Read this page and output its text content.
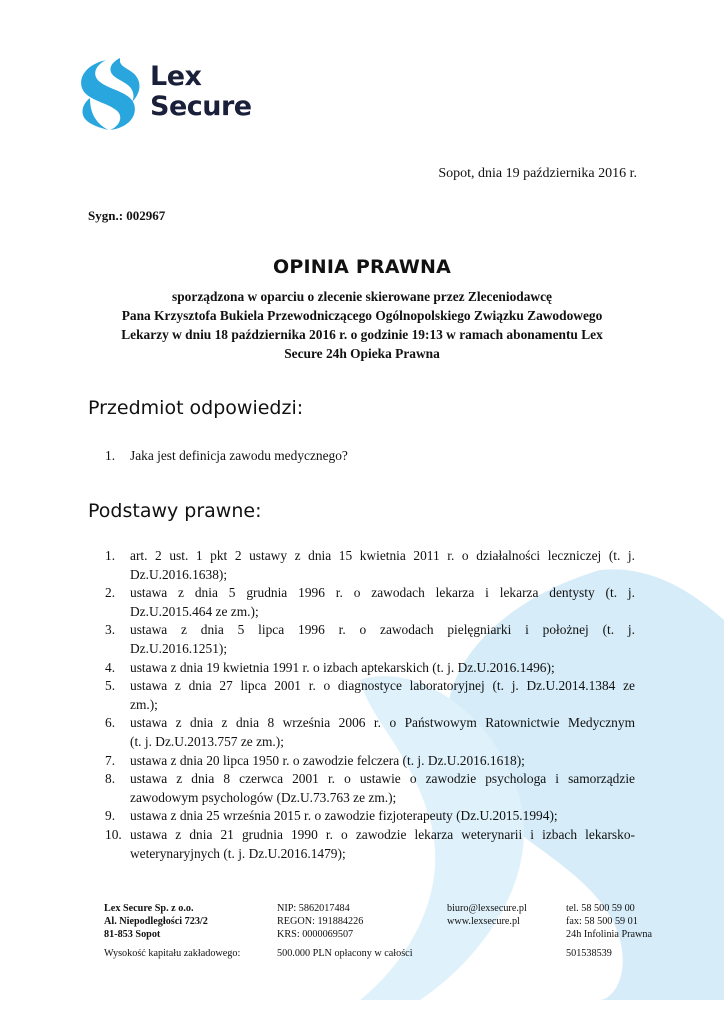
Lex
Secure
Sopot, dnia 19 października 2016 r.
Sygn.: 002967
OPINIA PRAWNA
sporządzona w oparciu o zlecenie skierowane przez Zleceniodawcę
Pana Krzysztofa Bukiela Przewodniczącego Ogólnopolskiego Związku Zawodowego
Lekarzy w dniu 18 października 2016 r. o godzinie 19:13 w ramach abonamentu Lex
Secure 24h Opieka Prawna
Przedmiot odpowiedzi:
1. Jaka jest definicja zawodu medycznego?
Podstawy prawne:
1. art. 2 ust. 1 pkt 2 ustawy z dnia 15 kwietnia 2011 r. o działalności leczniczej (t. j.
Dz.U.2016.1638);
2. ustawa z dnia 5 grudnia 1996 r. o zawodach lekarza i lekarza dentysty (t. j.
Dz.U.2015.464 ze zm.);
3. ustawa z dnia 5 lipca 1996 r. o zawodach pielęgniarki i położnej (t. j.
Dz.U.2016.1251);
4. ustawa z dnia 19 kwietnia 1991 r. o izbach aptekarskich (t. j. Dz.U.2016.1496);
5. ustawa z dnia 27 lipca 2001 r. o diagnostyce laboratoryjnej (t. j. Dz.U.2014.1384 ze
zm.);
6. ustawa z dnia z dnia 8 września 2006 r. o Państwowym Ratownictwie Medycznym
(t. j. Dz.U.2013.757 ze zm.);
7. ustawa z dnia 20 lipca 1950 r. o zawodzie felczera (t. j. Dz.U.2016.1618);
8. ustawa z dnia 8 czerwca 2001 r. o ustawie o zawodzie psychologa i samorządzie
zawodowym psychologów (Dz.U.73.763 ze zm.);
9. ustawa z dnia 25 września 2015 r. o zawodzie fizjoterapeuty (Dz.U.2015.1994);
10. ustawa z dnia 21 grudnia 1990 r. o zawodzie lekarza weterynarii i izbach lekarsko-
weterynaryjnych (t. j. Dz.U.2016.1479);
Lex Secure Sp. z o.o.
Al. Niepodległości 723/2
81-853 Sopot
NIP: 5862017484
REGON: 191884226
KRS: 0000069507
biuro@lexsecure.pl
www.lexsecure.pl
tel. 58 500 59 00
fax: 58 500 59 01
24h Infolinia Prawna
Wysokość kapitału zakładowego:	500.000 PLN opłacony w całości	501538539
